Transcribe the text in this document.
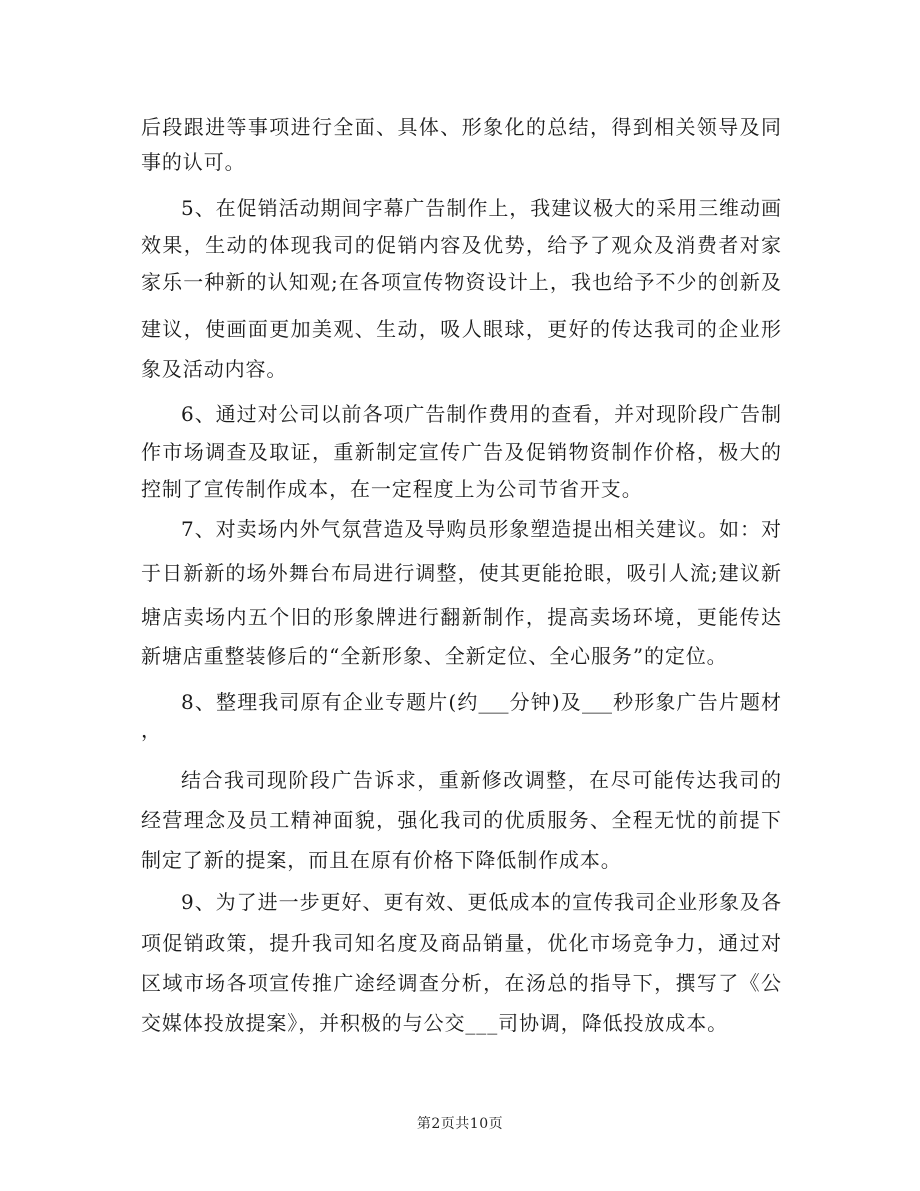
后段跟进等事项进行全面、具体、形象化的总结，得到相关领导及同
事的认可。
5、在促销活动期间字幕广告制作上，我建议极大的采用三维动画
效果，生动的体现我司的促销内容及优势，给予了观众及消费者对家
家乐一种新的认知观;在各项宣传物资设计上，我也给予不少的创新及
建议，使画面更加美观、生动，吸人眼球，更好的传达我司的企业形
象及活动内容。
6、通过对公司以前各项广告制作费用的查看，并对现阶段广告制
作市场调查及取证，重新制定宣传广告及促销物资制作价格，极大的
控制了宣传制作成本，在一定程度上为公司节省开支。
7、对卖场内外气氛营造及导购员形象塑造提出相关建议。如：对
于日新新的场外舞台布局进行调整，使其更能抢眼，吸引人流;建议新
塘店卖场内五个旧的形象牌进行翻新制作，提高卖场环境，更能传达
新塘店重整装修后的“全新形象、全新定位、全心服务”的定位。
8、整理我司原有企业专题片(约___分钟)及___秒形象广告片题材
，
结合我司现阶段广告诉求，重新修改调整，在尽可能传达我司的
经营理念及员工精神面貌，强化我司的优质服务、全程无忧的前提下
制定了新的提案，而且在原有价格下降低制作成本。
9、为了进一步更好、更有效、更低成本的宣传我司企业形象及各
项促销政策，提升我司知名度及商品销量，优化市场竞争力，通过对
区域市场各项宣传推广途经调查分析，在汤总的指导下，撰写了《公
交媒体投放提案》，并积极的与公交___司协调，降低投放成本。
第2页共10页
